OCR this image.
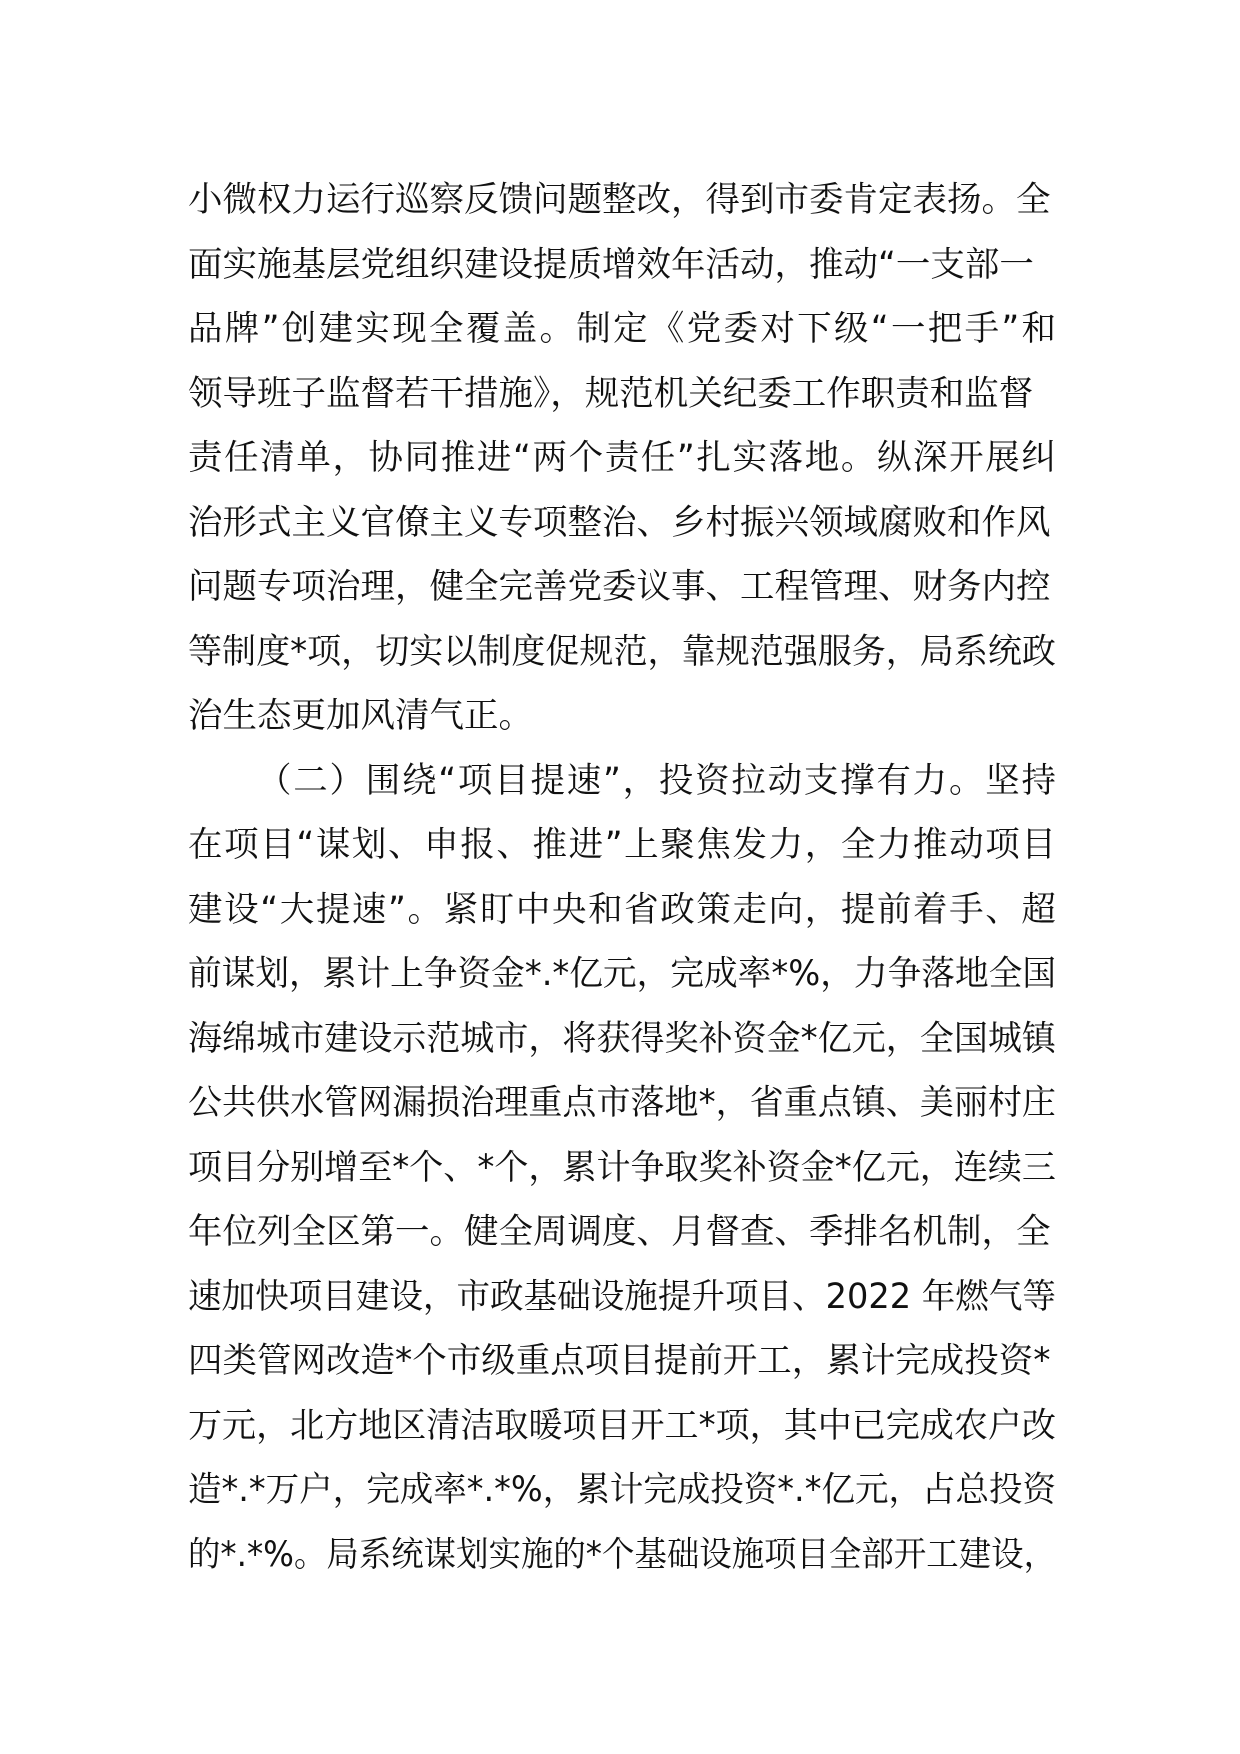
小微权力运行巡察反馈问题整改，得到市委肯定表扬。全
面实施基层党组织建设提质增效年活动，推动“一支部一
品牌”创建实现全覆盖。制定《党委对下级“一把手”和
领导班子监督若干措施》，规范机关纪委工作职责和监督
责任清单，协同推进“两个责任”扎实落地。纵深开展纠
治形式主义官僚主义专项整治、乡村振兴领域腐败和作风
问题专项治理，健全完善党委议事、工程管理、财务内控
等制度*项，切实以制度促规范，靠规范强服务，局系统政
治生态更加风清气正。
（二）围绕“项目提速”，投资拉动支撑有力。坚持
在项目“谋划、申报、推进”上聚焦发力，全力推动项目
建设“大提速”。紧盯中央和省政策走向，提前着手、超
前谋划，累计上争资金*.*亿元，完成率*%，力争落地全国
海绵城市建设示范城市，将获得奖补资金*亿元，全国城镇
公共供水管网漏损治理重点市落地*，省重点镇、美丽村庄
项目分别增至*个、*个，累计争取奖补资金*亿元，连续三
年位列全区第一。健全周调度、月督查、季排名机制，全
速加快项目建设，市政基础设施提升项目、2022 年燃气等
四类管网改造*个市级重点项目提前开工，累计完成投资*
万元，北方地区清洁取暖项目开工*项，其中已完成农户改
造*.*万户，完成率*.*%，累计完成投资*.*亿元，占总投资
的*.*%。局系统谋划实施的*个基础设施项目全部开工建设，
